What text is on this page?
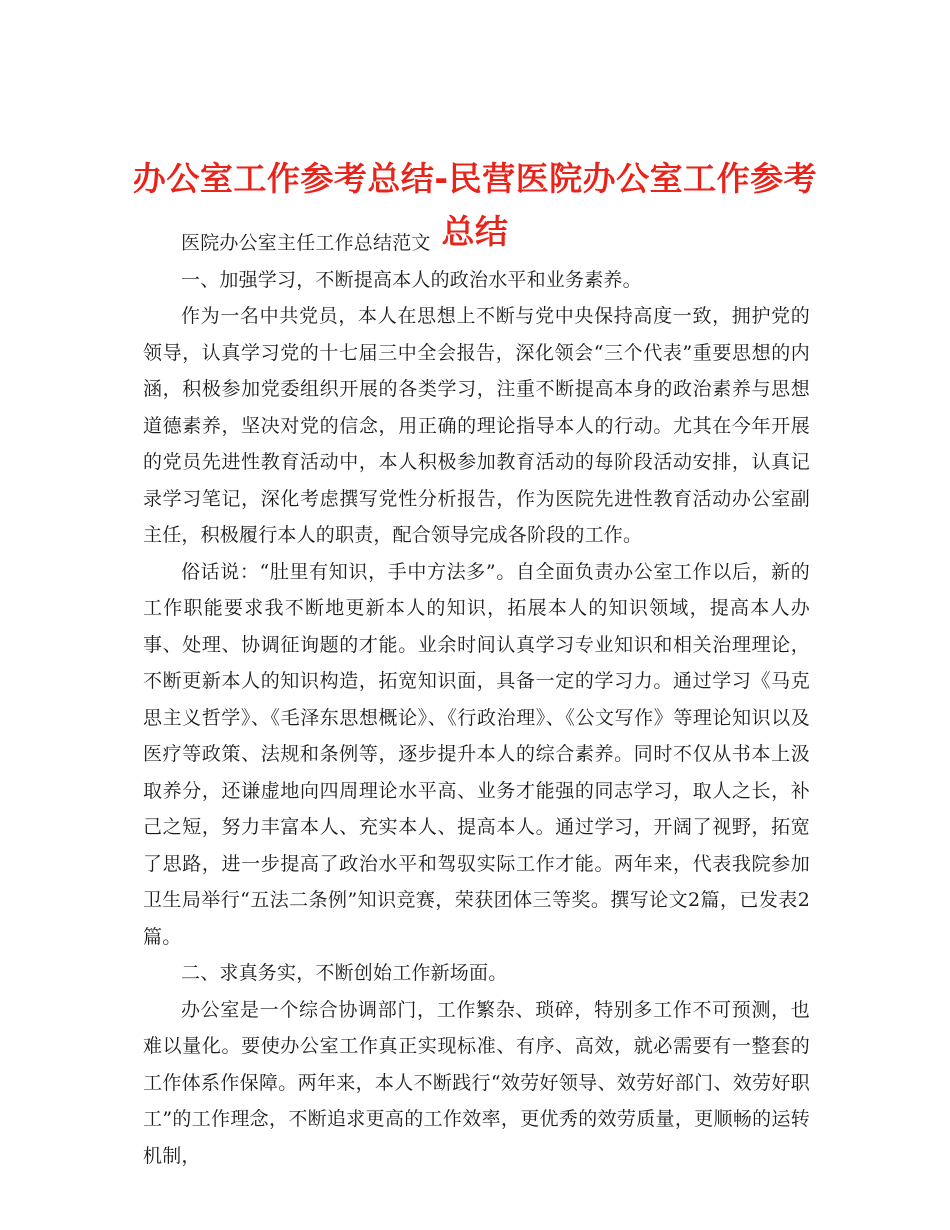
办公室工作参考总结-民营医院办公室工作参考总结

医院办公室主任工作总结范文

一、加强学习，不断提高本人的政治水平和业务素养。

作为一名中共党员，本人在思想上不断与党中央保持高度一致，拥护党的领导，认真学习党的十七届三中全会报告，深化领会“三个代表”重要思想的内涵，积极参加党委组织开展的各类学习，注重不断提高本身的政治素养与思想道德素养，坚决对党的信念，用正确的理论指导本人的行动。尤其在今年开展的党员先进性教育活动中，本人积极参加教育活动的每阶段活动安排，认真记录学习笔记，深化考虑撰写党性分析报告，作为医院先进性教育活动办公室副主任，积极履行本人的职责，配合领导完成各阶段的工作。

俗话说：“肚里有知识，手中方法多”。自全面负责办公室工作以后，新的工作职能要求我不断地更新本人的知识，拓展本人的知识领域，提高本人办事、处理、协调征询题的才能。业余时间认真学习专业知识和相关治理理论，不断更新本人的知识构造，拓宽知识面，具备一定的学习力。通过学习《马克思主义哲学》、《毛泽东思想概论》、《行政治理》、《公文写作》等理论知识以及医疗等政策、法规和条例等，逐步提升本人的综合素养。同时不仅从书本上汲取养分，还谦虚地向四周理论水平高、业务才能强的同志学习，取人之长，补己之短，努力丰富本人、充实本人、提高本人。通过学习，开阔了视野，拓宽了思路，进一步提高了政治水平和驾驭实际工作才能。两年来，代表我院参加卫生局举行“五法二条例”知识竞赛，荣获团体三等奖。撰写论文2篇，已发表2篇。

二、求真务实，不断创始工作新场面。

办公室是一个综合协调部门，工作繁杂、琐碎，特别多工作不可预测，也难以量化。要使办公室工作真正实现标准、有序、高效，就必需要有一整套的工作体系作保障。两年来，本人不断践行“效劳好领导、效劳好部门、效劳好职工”的工作理念，不断追求更高的工作效率，更优秀的效劳质量，更顺畅的运转机制，
